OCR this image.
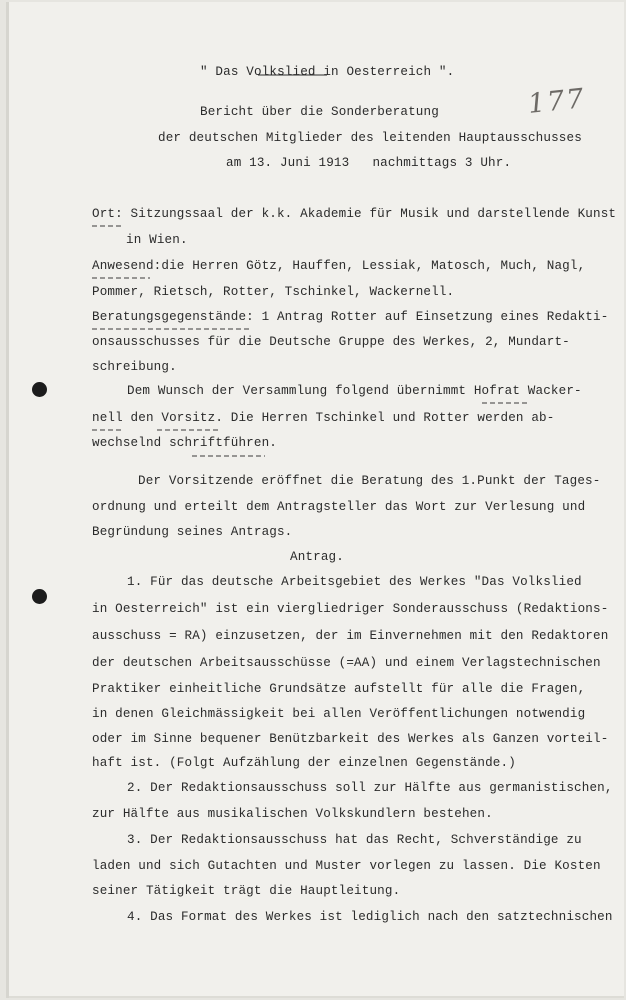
177
" Das Volkslied in Oesterreich ".
Bericht über die Sonderberatung
der deutschen Mitglieder des leitenden Hauptausschusses
am 13. Juni 1913   nachmittags 3 Uhr.
Ort: Sitzungssaal der k.k. Akademie für Musik und darstellende Kunst
in Wien.
Anwesend:die Herren Götz, Hauffen, Lessiak, Matosch, Much, Nagl,
Pommer, Rietsch, Rotter, Tschinkel, Wackernell.
Beratungsgegenstände: 1 Antrag Rotter auf Einsetzung eines Redakti-
onsausschusses für die Deutsche Gruppe des Werkes, 2, Mundart-
schreibung.
Dem Wunsch der Versammlung folgend übernimmt Hofrat Wacker-
nell den Vorsitz. Die Herren Tschinkel und Rotter werden ab-
wechselnd schriftführen.
Der Vorsitzende eröffnet die Beratung des 1.Punkt der Tages-
ordnung und erteilt dem Antragsteller das Wort zur Verlesung und
Begründung seines Antrags.
Antrag.
1. Für das deutsche Arbeitsgebiet des Werkes "Das Volkslied
in Oesterreich" ist ein viergliedriger Sonderausschuss (Redaktions-
ausschuss = RA) einzusetzen, der im Einvernehmen mit den Redaktoren
der deutschen Arbeitsausschüsse (=AA) und einem Verlagstechnischen
Praktiker einheitliche Grundsätze aufstellt für alle die Fragen,
in denen Gleichmässigkeit bei allen Veröffentlichungen notwendig
oder im Sinne bequener Benützbarkeit des Werkes als Ganzen vorteil-
haft ist. (Folgt Aufzählung der einzelnen Gegenstände.)
2. Der Redaktionsausschuss soll zur Hälfte aus germanistischen,
zur Hälfte aus musikalischen Volkskundlern bestehen.
3. Der Redaktionsausschuss hat das Recht, Schverständige zu
laden und sich Gutachten und Muster vorlegen zu lassen. Die Kosten
seiner Tätigkeit trägt die Hauptleitung.
4. Das Format des Werkes ist lediglich nach den satztechnischen
